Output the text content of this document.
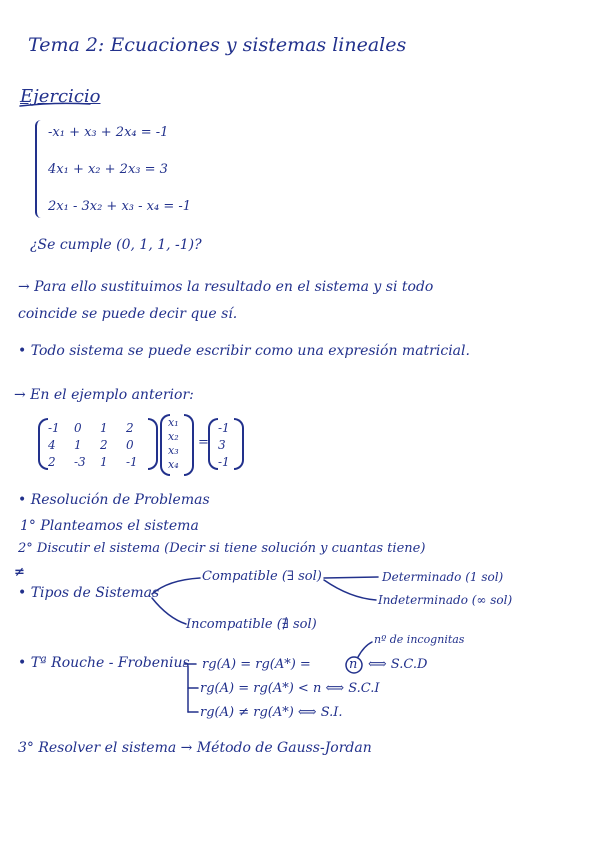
Tema 2: Ecuaciones y sistemas lineales
Ejercicio
-x₁ + x₃ + 2x₄ = -1
4x₁ + x₂ + 2x₃ = 3
2x₁ - 3x₂ + x₃ - x₄ = -1
¿Se cumple (0, 1, 1, -1)?
→ Para ello sustituimos la resultado en el sistema y si todo
coincide se puede decir que sí.
• Todo sistema se puede escribir como una expresión matricial.
→ En el ejemplo anterior:
-1	0	1	2
4	1	2	0
2	-3	1	-1
x₁
x₂
x₃
x₄
=
-1
3
-1
• Resolución de Problemas
1° Planteamos el sistema
2° Discutir el sistema (Decir si tiene solución y cuantas tiene)
≠
• Tipos de Sistemas
Compatible (∃ sol)	Determinado (1 sol)
Indeterminado (∞ sol)
Incompatible (∄ sol)
• Tª Rouche - Frobenius
nº de incognitas
rg(A) = rg(A*) =	n ⟺ S.C.D
rg(A) = rg(A*) < n ⟺ S.C.I
rg(A) ≠ rg(A*) ⟺ S.I.
3° Resolver el sistema → Método de Gauss-Jordan
